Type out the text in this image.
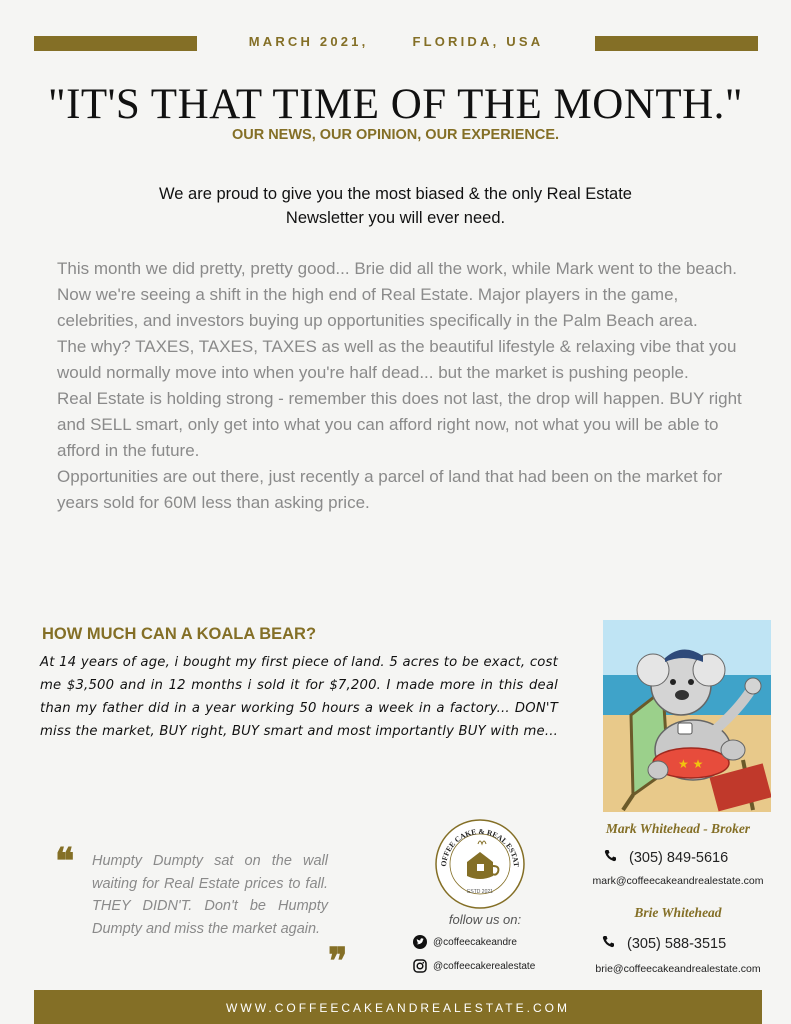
MARCH 2021,	FLORIDA, USA
"IT'S THAT TIME OF THE MONTH."
OUR NEWS, OUR OPINION, OUR EXPERIENCE.
We are proud to give you the most biased & the only Real Estate
Newsletter you will ever need.

This month we did pretty, pretty good... Brie did all the work, while Mark went to the beach.

Now we're seeing a shift in the high end of Real Estate. Major players in the game, celebrities, and investors buying up opportunities specifically in the Palm Beach area.

The why? TAXES, TAXES, TAXES as well as the beautiful lifestyle & relaxing vibe that you would normally move into when you're half dead... but the market is pushing people.

Real Estate is holding strong - remember this does not last, the drop will happen. BUY right and SELL smart, only get into what you can afford right now, not what you will be able to afford in the future.

Opportunities are out there, just recently a parcel of land that had been on the market for years sold for 60M less than asking price.

HOW MUCH CAN A KOALA BEAR?
At 14 years of age, i bought my first piece of land. 5 acres to be exact, cost me $3,500 and in 12 months i sold it for $7,200. I made more in this deal than my father did in a year working 50 hours a week in a factory... DON'T miss the market, BUY right, BUY smart and most importantly BUY with me...
★ ★
❝ Humpty Dumpty sat on the wall waiting for Real Estate prices to fall. THEY DIDN'T. Don't be Humpty Dumpty and miss the market again.
❞
OFFEE CAKE & REAL ESTAT
ESTD 2021
follow us on:
@coffeecakeandre
@coffeecakerealestate
Mark Whitehead - Broker
(305) 849-5616
mark@coffeecakeandrealestate.com
Brie Whitehead
(305) 588-3515
brie@coffeecakeandrealestate.com
WWW.COFFEECAKEANDREALESTATE.COM
